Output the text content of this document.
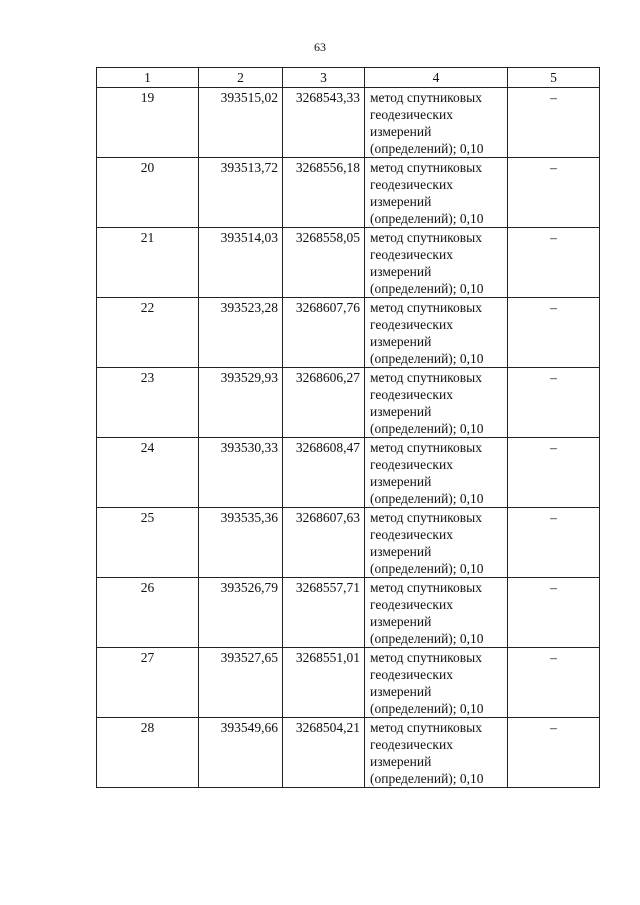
63
1	2	3	4	5
19	393515,02	3268543,33	метод спутниковых
геодезических
измерений
(определений); 0,10	–
20	393513,72	3268556,18	метод спутниковых
геодезических
измерений
(определений); 0,10	–
21	393514,03	3268558,05	метод спутниковых
геодезических
измерений
(определений); 0,10	–
22	393523,28	3268607,76	метод спутниковых
геодезических
измерений
(определений); 0,10	–
23	393529,93	3268606,27	метод спутниковых
геодезических
измерений
(определений); 0,10	–
24	393530,33	3268608,47	метод спутниковых
геодезических
измерений
(определений); 0,10	–
25	393535,36	3268607,63	метод спутниковых
геодезических
измерений
(определений); 0,10	–
26	393526,79	3268557,71	метод спутниковых
геодезических
измерений
(определений); 0,10	–
27	393527,65	3268551,01	метод спутниковых
геодезических
измерений
(определений); 0,10	–
28	393549,66	3268504,21	метод спутниковых
геодезических
измерений
(определений); 0,10	–
